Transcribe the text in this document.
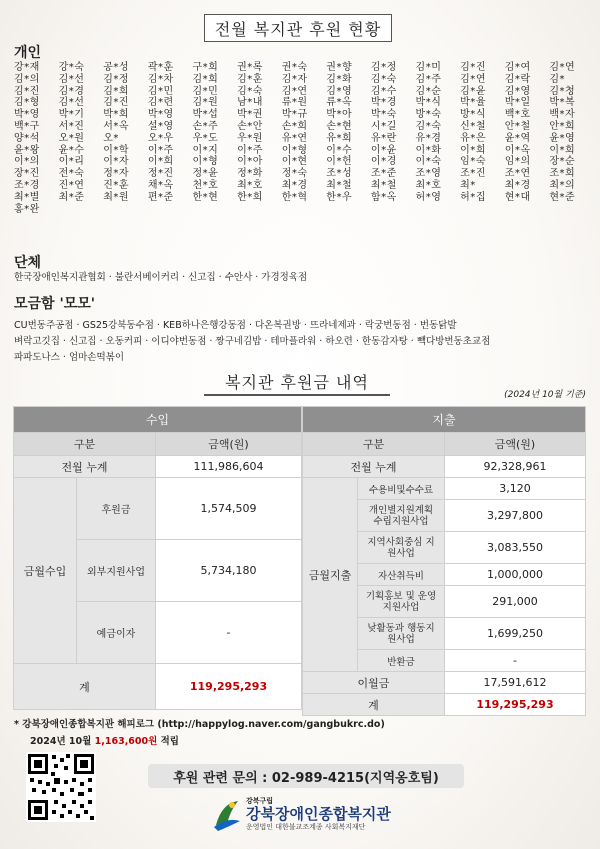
전월 복지관 후원 현황
개인
강*재	강*숙	공*성	곽*훈	구*희	권*록	권*숙	권*향	김*정	김*미	김*진	김*여	김*연
김*의	김*선	김*정	김*차	김*희	김*훈	김*자	김*화	김*숙	김*주	김*연	김*락	김*
김*진	김*경	김*희	김*민	김*민	김*숙	김*연	김*영	김*수	김*순	김*윤	김*영	김*청
김*형	김*선	김*진	김*련	김*원	남*내	류*원	류*옥	박*경	박*식	박*율	박*일	박*복
박*영	박*기	박*희	박*영	박*섭	박*권	박*규	박*아	박*숙	방*숙	방*식	백*호	백*자
백*구	서*진	서*옥	설*영	손*주	손*안	손*희	손*현	시*길	김*숙	신*철	안*철	안*희
양*석	오*원	오*	오*우	우*도	우*원	유*연	유*희	유*란	유*경	유*은	윤*역	윤*영
윤*왕	윤*수	이*학	이*주	이*지	이*주	이*형	이*수	이*윤	이*화	이*희	이*옥	이*희
이*의	이*리	이*자	이*희	이*형	이*아	이*현	이*헌	이*경	이*숙	임*숙	임*의	장*순
장*진	전*숙	정*자	정*진	정*윤	정*화	정*숙	조*성	조*준	조*영	조*진	조*연	조*희
조*경	진*연	진*훈	채*옥	천*호	최*호	최*경	최*철	최*철	최*호	최*	최*경	최*의
최*별	최*준	최*원	편*준	한*현	한*희	한*혁	한*우	함*옥	허*영	허*집	현*대	현*준
홍*완
단체
한국장애인복지관협회 · 불란서베이커리 · 신고집 · 수안사 · 가경정육점
모금함 '모모'
CU번동주공점 · GS25강북동수점 · KEB하나은행강동점 · 다온복권방 · 뜨라네제과 · 락궁번동점 · 번동닭발
벼락고깃집 · 신고집 · 오동커피 · 이디야번동점 · 짱구네김밥 · 테마플라워 · 하오련 · 한동감자탕 · 빽다방번동초교점
파파도나스 · 엄마손떡볶이
복지관 후원금 내역
(2024년 10월 기준)
수입		
구분		금액(원)
전월 누계		111,986,604
금월수입	후원금	1,574,509
	외부지원사업	5,734,180
	예금이자	-
계		119,295,293
지출		
구분		금액(원)
전월 누계		92,328,961
금월지출	수용비및수수료	3,120
	개인별지원계획 수립지원사업	3,297,800
	지역사회중심 지원사업	3,083,550
	자산취득비	1,000,000
	기획홍보 및 운영지원사업	291,000
	낮활동과 행동지원사업	1,699,250
	반환금	-
이월금		17,591,612
계		119,295,293
* 강북장애인종합복지관 해피로그 (http://happylog.naver.com/gangbukrc.do)
2024년 10월 1,163,600원 적립
후원 관련 문의 : 02-989-4215(지역옹호팀)
강북구립
강북장애인종합복지관
운영법인 대한불교조계종 사회복지재단
